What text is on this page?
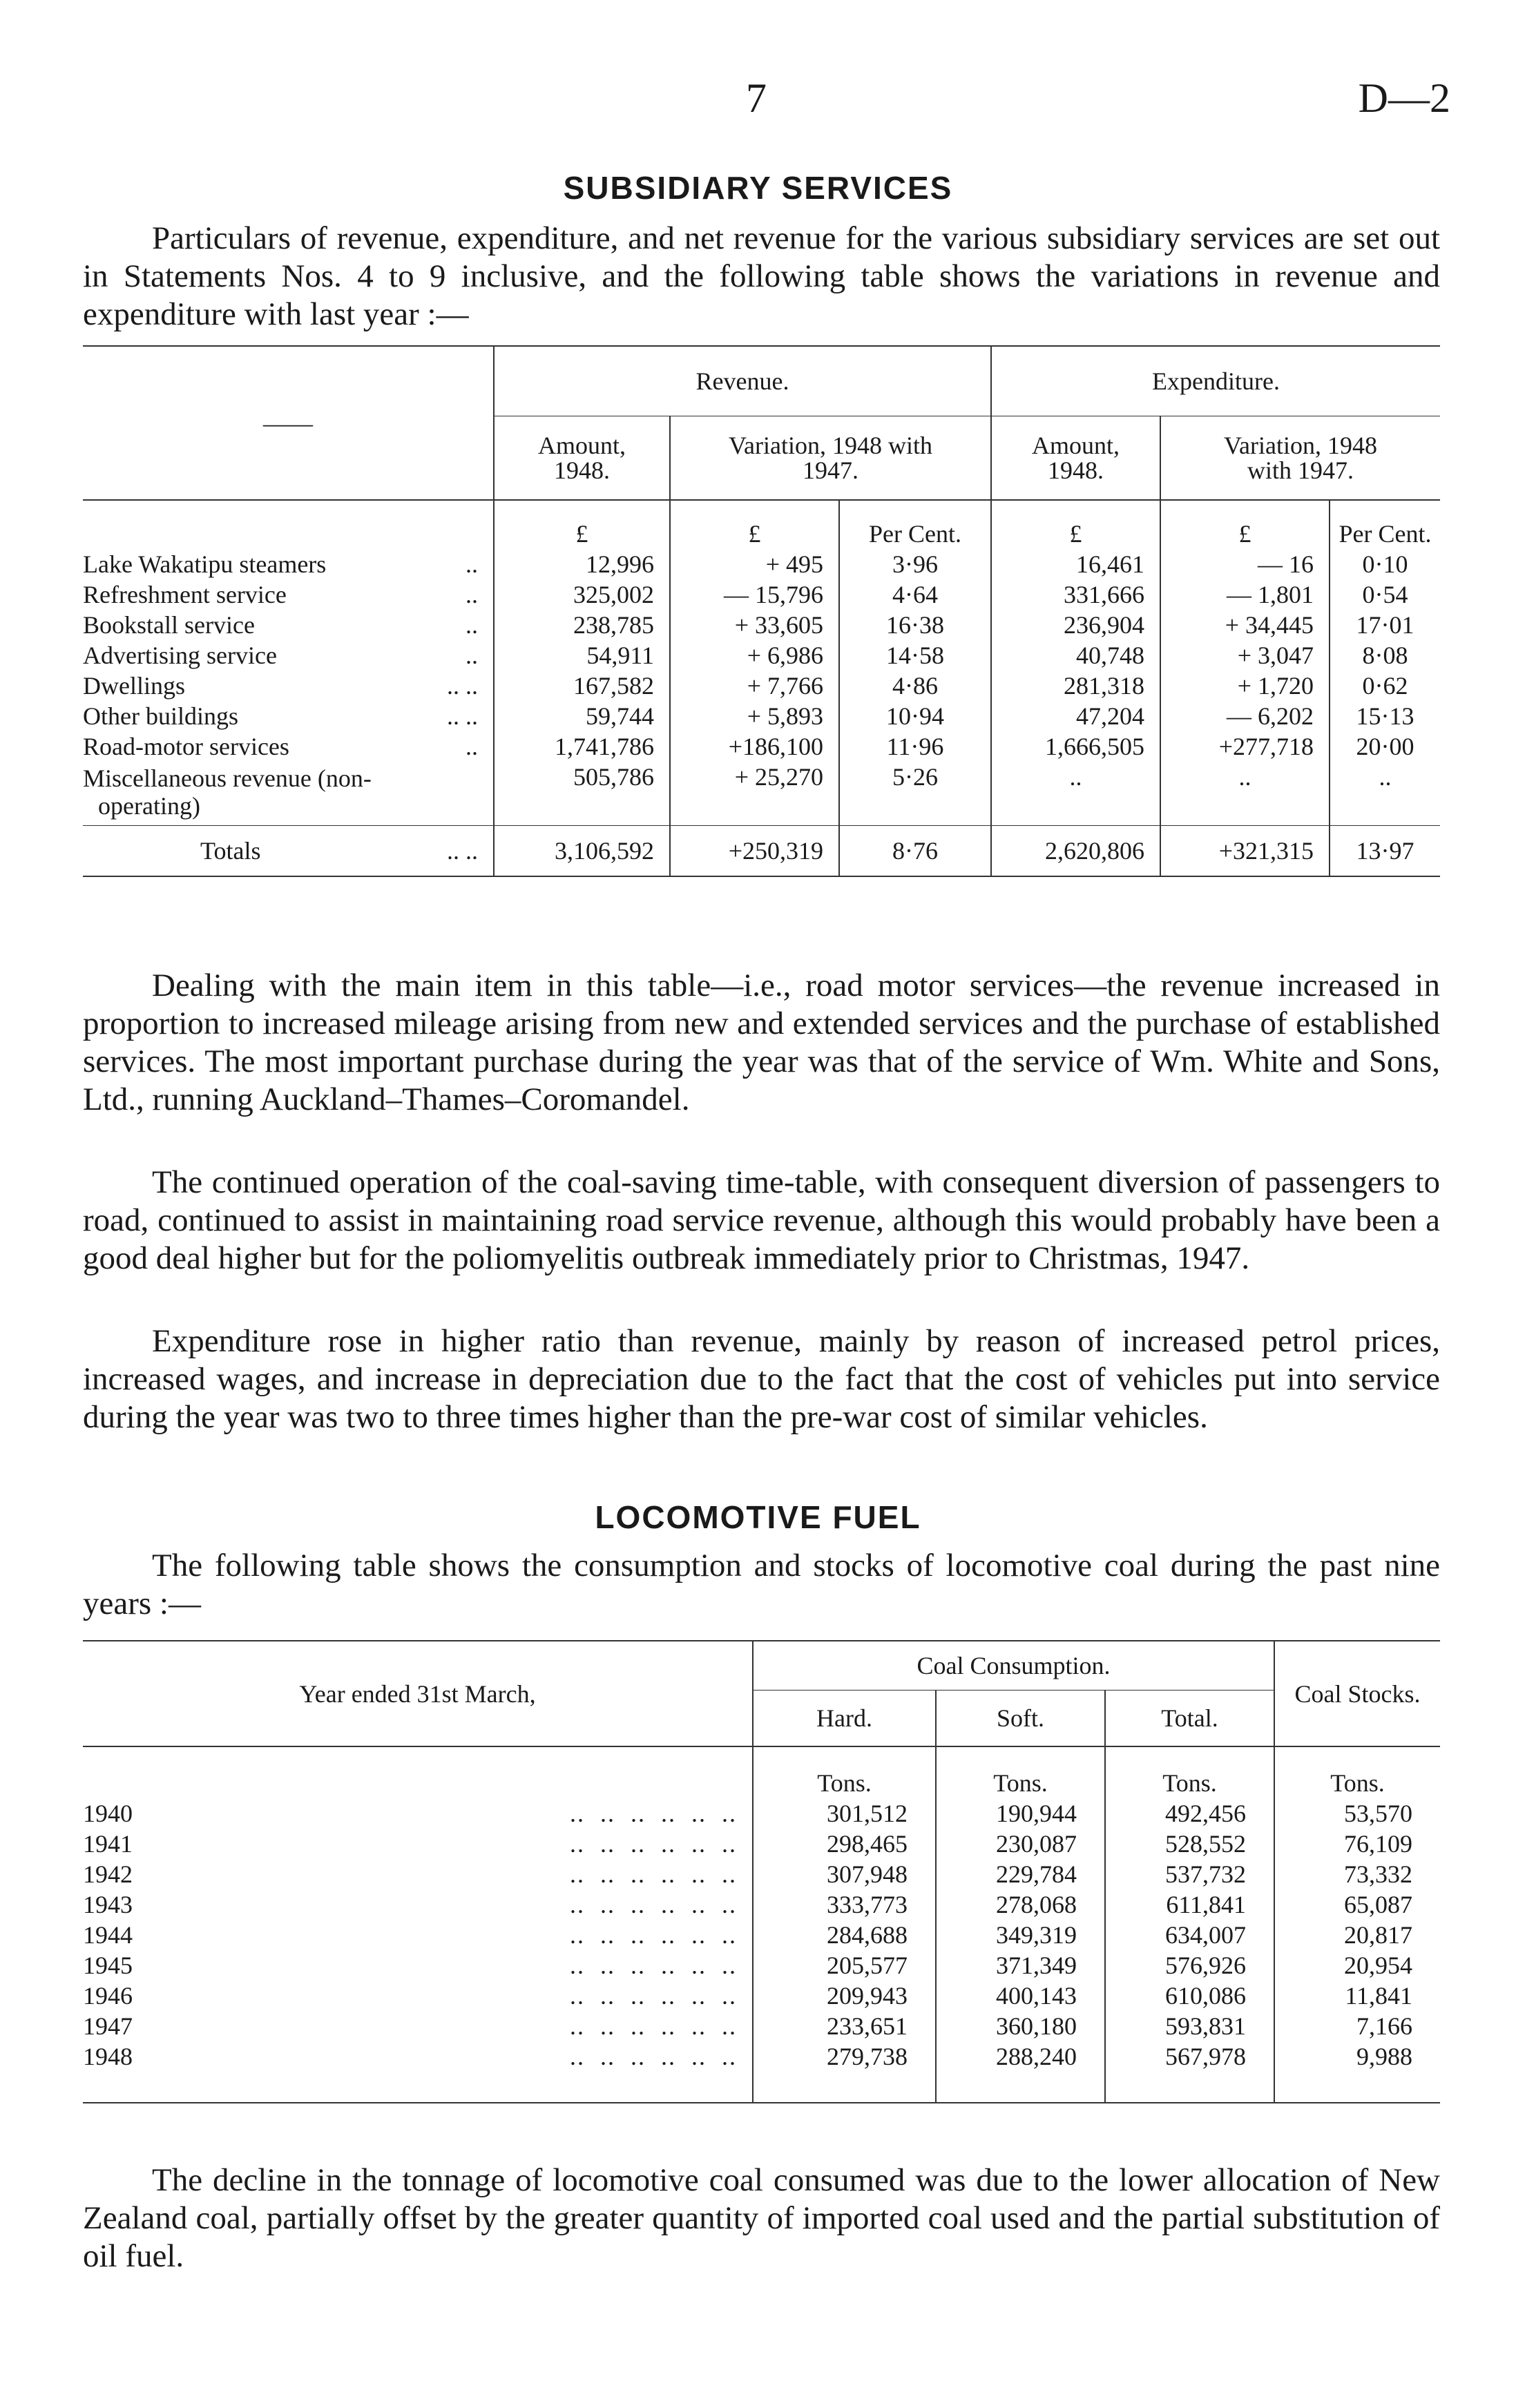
7	D—2
SUBSIDIARY SERVICES

Particulars of revenue, expenditure, and net revenue for the various subsidiary services are set out in Statements Nos. 4 to 9 inclusive, and the following table shows the variations in revenue and expenditure with last year :—

——	Revenue.			Expenditure.		
	Amount, 1948.	Variation, 1948 with 1947.		Amount, 1948.	Variation, 1948 with 1947.	
	£	£	Per Cent.	£	£	Per Cent.
Lake Wakatipu steamers ..	12,996	+ 495	3·96	16,461	— 16	0·10
Refreshment service ..	325,002	— 15,796	4·64	331,666	— 1,801	0·54
Bookstall service ..	238,785	+ 33,605	16·38	236,904	+ 34,445	17·01
Advertising service ..	54,911	+ 6,986	14·58	40,748	+ 3,047	8·08
Dwellings .. ..	167,582	+ 7,766	4·86	281,318	+ 1,720	0·62
Other buildings .. ..	59,744	+ 5,893	10·94	47,204	— 6,202	15·13
Road-motor services ..	1,741,786	+186,100	11·96	1,666,505	+277,718	20·00
Miscellaneous revenue (non-
operating)	505,786	+ 25,270	5·26	..	..	..
Totals .. ..	3,106,592	+250,319	8·76	2,620,806	+321,315	13·97

Dealing with the main item in this table—i.e., road motor services—the revenue increased in proportion to increased mileage arising from new and extended services and the purchase of established services. The most important purchase during the year was that of the service of Wm. White and Sons, Ltd., running Auckland–Thames–Coromandel.

The continued operation of the coal-saving time-table, with consequent diversion of passengers to road, continued to assist in maintaining road service revenue, although this would probably have been a good deal higher but for the poliomyelitis outbreak immediately prior to Christmas, 1947.

Expenditure rose in higher ratio than revenue, mainly by reason of increased petrol prices, increased wages, and increase in depreciation due to the fact that the cost of vehicles put into service during the year was two to three times higher than the pre-war cost of similar vehicles.

LOCOMOTIVE FUEL

The following table shows the consumption and stocks of locomotive coal during the past nine years :—

Year ended 31st March,	Coal Consumption.			Coal Stocks.
	Hard.	Soft.	Total.	
	Tons.	Tons.	Tons.	Tons.
1940 ..  ..  ..  ..  ..  ..	301,512	190,944	492,456	53,570
1941 ..  ..  ..  ..  ..  ..	298,465	230,087	528,552	76,109
1942 ..  ..  ..  ..  ..  ..	307,948	229,784	537,732	73,332
1943 ..  ..  ..  ..  ..  ..	333,773	278,068	611,841	65,087
1944 ..  ..  ..  ..  ..  ..	284,688	349,319	634,007	20,817
1945 ..  ..  ..  ..  ..  ..	205,577	371,349	576,926	20,954
1946 ..  ..  ..  ..  ..  ..	209,943	400,143	610,086	11,841
1947 ..  ..  ..  ..  ..  ..	233,651	360,180	593,831	7,166
1948 ..  ..  ..  ..  ..  ..	279,738	288,240	567,978	9,988

The decline in the tonnage of locomotive coal consumed was due to the lower allocation of New Zealand coal, partially offset by the greater quantity of imported coal used and the partial substitution of oil fuel.
